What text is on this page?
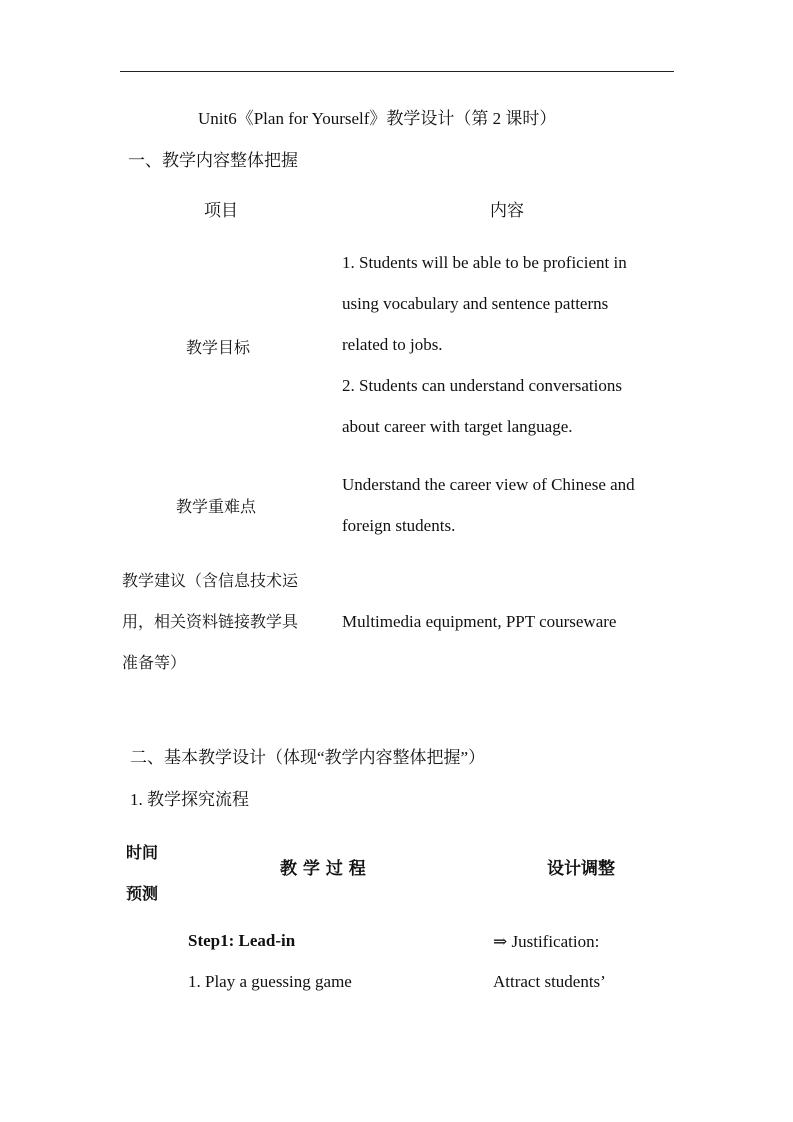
Unit6《Plan for Yourself》教学设计（第 2 课时）
一、教学内容整体把握
项目	内容
教学目标
1. Students will be able to be proficient in
using vocabulary and sentence patterns
related to jobs.
2. Students can understand conversations
about career with target language.
教学重难点
Understand the career view of Chinese and
foreign students.
教学建议（含信息技术运
用，相关资料链接教学具
准备等）
Multimedia equipment, PPT courseware
二、基本教学设计（体现“教学内容整体把握”）
1. 教学探究流程
时间
预测
教 学 过 程	设计调整
Step1: Lead-in
1. Play a guessing game
⇒ Justification:
Attract students’
